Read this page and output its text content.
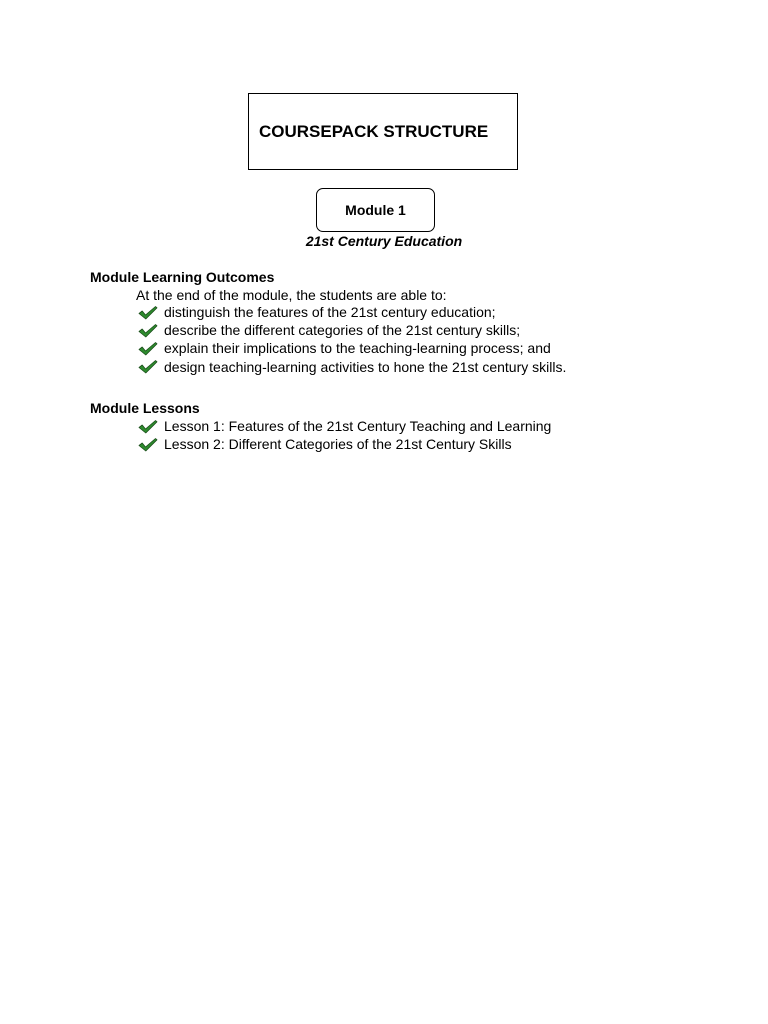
COURSEPACK STRUCTURE
Module 1
21st Century Education
Module Learning Outcomes
At the end of the module, the students are able to:
distinguish the features of the 21st century education;
describe the different categories of the 21st century skills;
explain their implications to the teaching-learning process; and
design teaching-learning activities to hone the 21st century skills.
Module Lessons
Lesson 1: Features of the 21st Century Teaching and Learning
Lesson 2: Different Categories of the 21st Century Skills
